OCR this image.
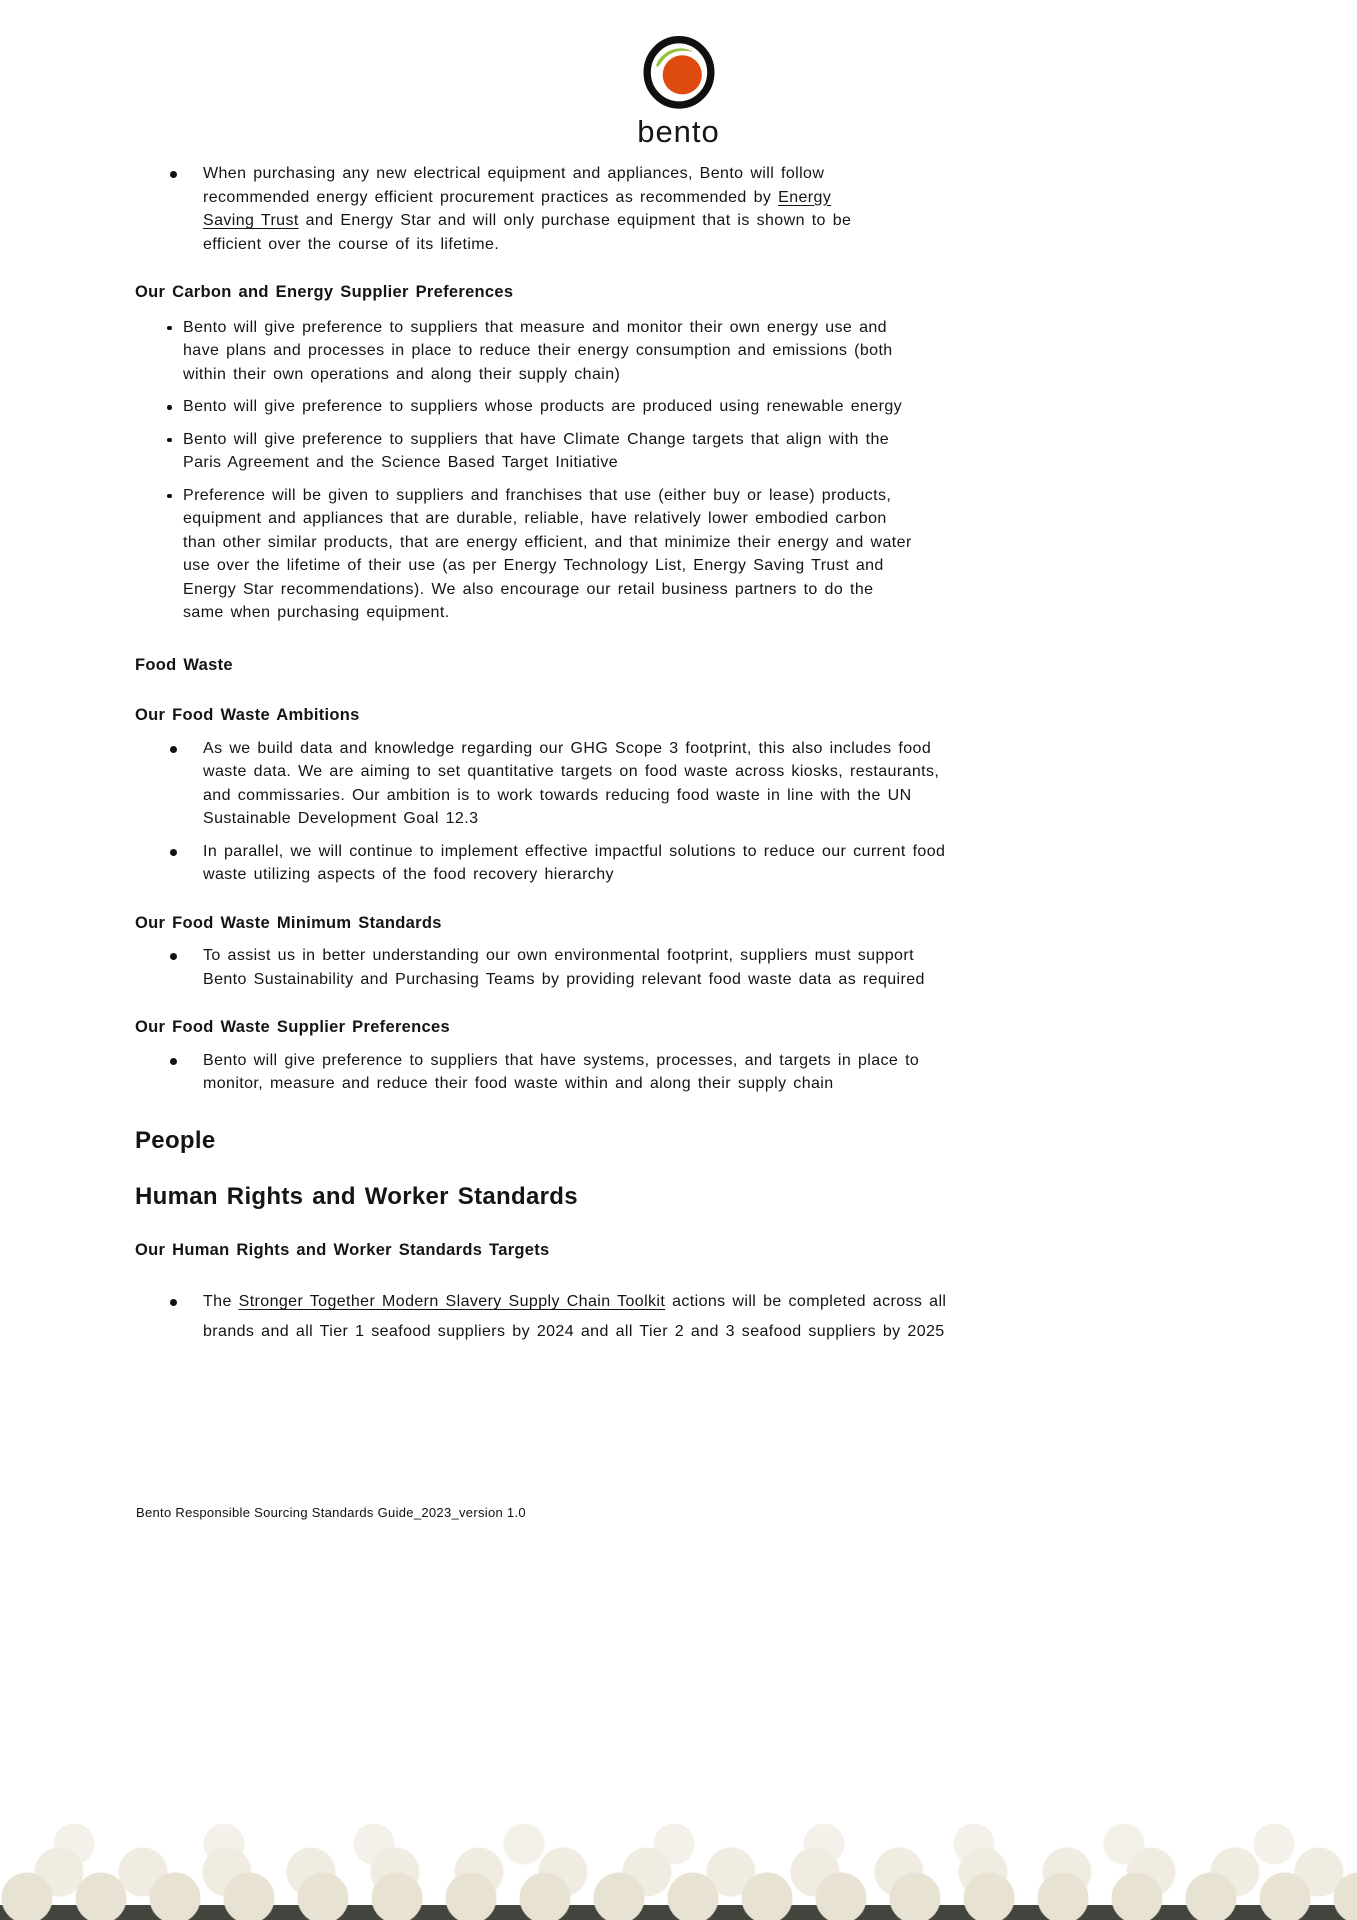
bento
When purchasing any new electrical equipment and appliances, Bento will follow recommended energy efficient procurement practices as recommended by Energy Saving Trust and Energy Star and will only purchase equipment that is shown to be efficient over the course of its lifetime.
Our Carbon and Energy Supplier Preferences
Bento will give preference to suppliers that measure and monitor their own energy use and have plans and processes in place to reduce their energy consumption and emissions (both within their own operations and along their supply chain)
Bento will give preference to suppliers whose products are produced using renewable energy
Bento will give preference to suppliers that have Climate Change targets that align with the Paris Agreement and the Science Based Target Initiative
Preference will be given to suppliers and franchises that use (either buy or lease) products, equipment and appliances that are durable, reliable, have relatively lower embodied carbon than other similar products, that are energy efficient, and that minimize their energy and water use over the lifetime of their use (as per Energy Technology List, Energy Saving Trust and Energy Star recommendations). We also encourage our retail business partners to do the same when purchasing equipment.
Food Waste
Our Food Waste Ambitions
As we build data and knowledge regarding our GHG Scope 3 footprint, this also includes food waste data. We are aiming to set quantitative targets on food waste across kiosks, restaurants, and commissaries. Our ambition is to work towards reducing food waste in line with the UN Sustainable Development Goal 12.3
In parallel, we will continue to implement effective impactful solutions to reduce our current food waste utilizing aspects of the food recovery hierarchy
Our Food Waste Minimum Standards
To assist us in better understanding our own environmental footprint, suppliers must support Bento Sustainability and Purchasing Teams by providing relevant food waste data as required
Our Food Waste Supplier Preferences
Bento will give preference to suppliers that have systems, processes, and targets in place to monitor, measure and reduce their food waste within and along their supply chain
People
Human Rights and Worker Standards
Our Human Rights and Worker Standards Targets
The Stronger Together Modern Slavery Supply Chain Toolkit actions will be completed across all brands and all Tier 1 seafood suppliers by 2024 and all Tier 2 and 3 seafood suppliers by 2025
Bento Responsible Sourcing Standards Guide_2023_version 1.0
